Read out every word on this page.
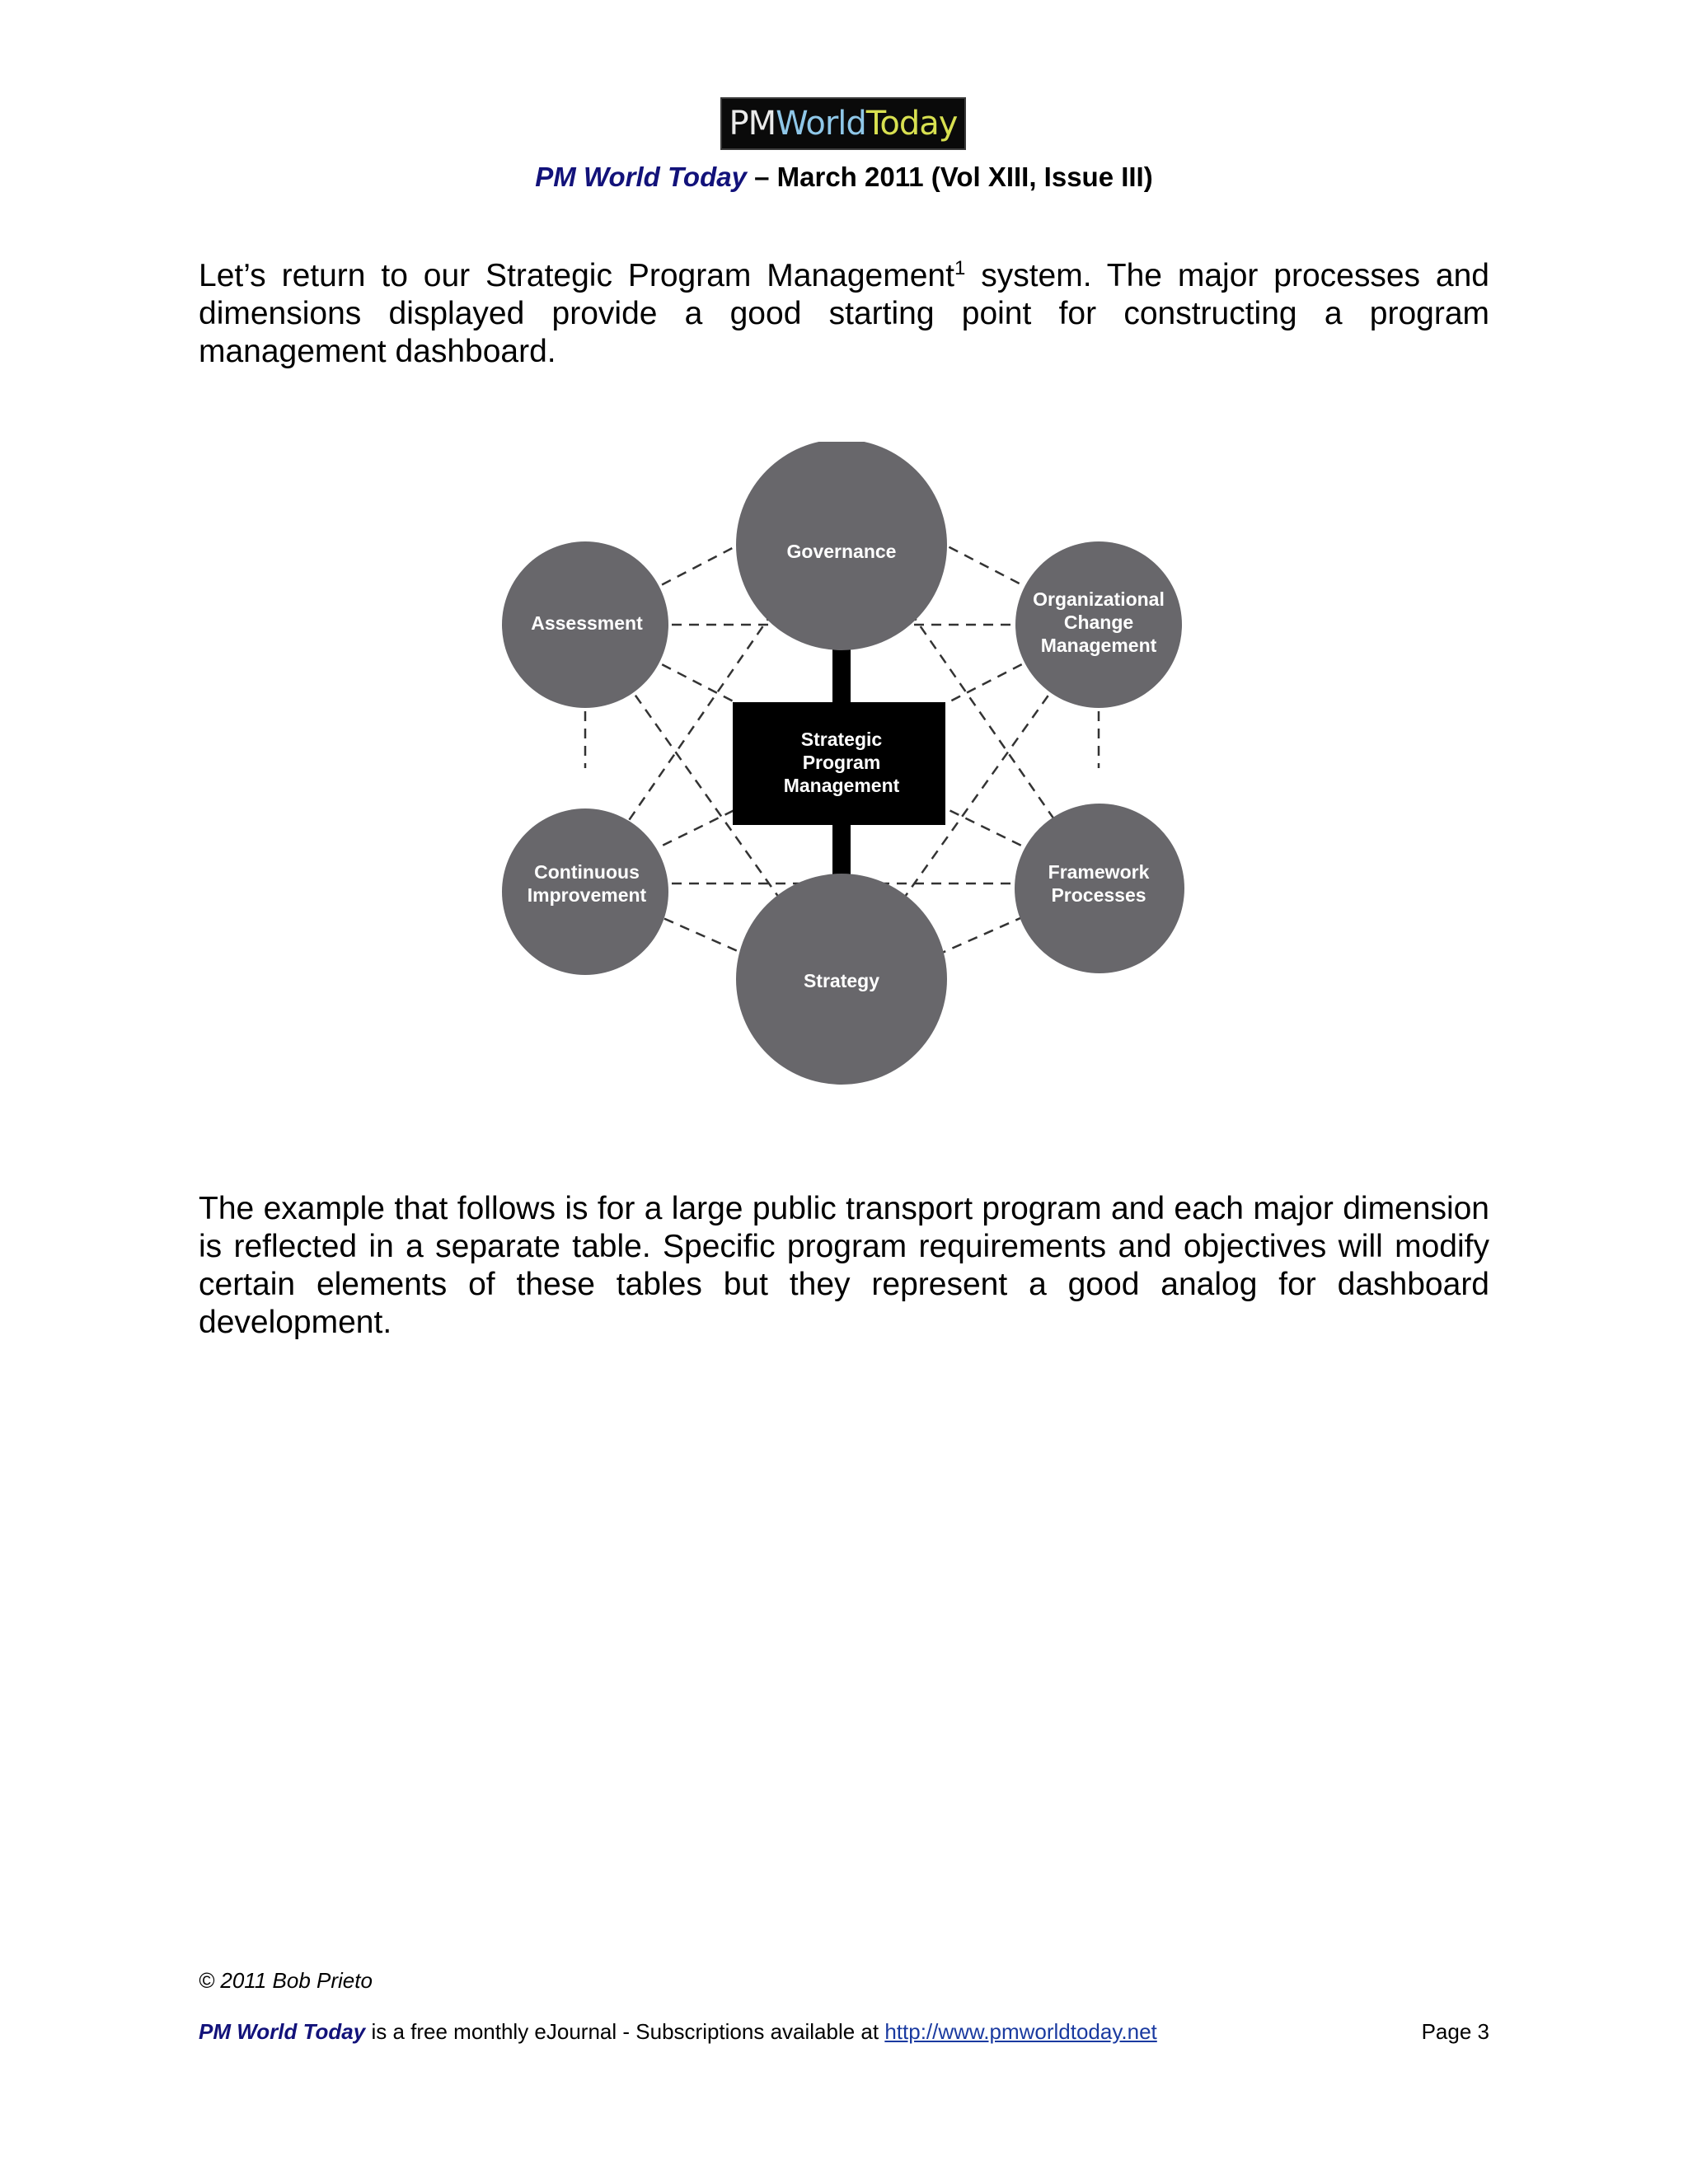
PM World Today
PM World Today – March 2011 (Vol XIII, Issue III)

Let’s return to our Strategic Program Management$^1$ system. The major processes and dimensions displayed provide a good starting point for constructing a program management dashboard.

Governance
Assessment
Organizational
Change
Management
Continuous
Improvement
Framework
Processes
Strategy
Strategic
Program
Management

The example that follows is for a large public transport program and each major dimension is reflected in a separate table. Specific program requirements and objectives will modify certain elements of these tables but they represent a good analog for dashboard development.

© 2011 Bob Prieto
PM World Today is a free monthly eJournal - Subscriptions available at http://www.pmworldtoday.net	Page 3
